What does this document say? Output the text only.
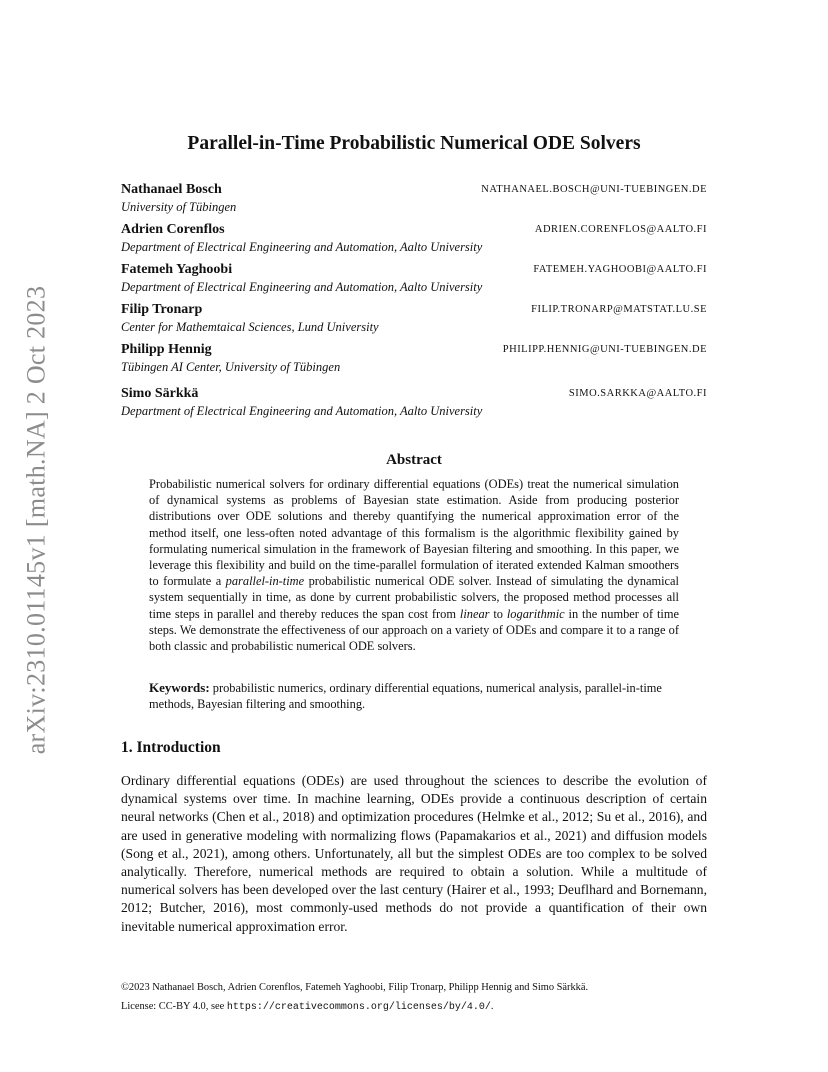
arXiv:2310.01145v1 [math.NA] 2 Oct 2023
Parallel-in-Time Probabilistic Numerical ODE Solvers
Nathanael Bosch	NATHANAEL.BOSCH@UNI-TUEBINGEN.DE
University of Tübingen
Adrien Corenflos	ADRIEN.CORENFLOS@AALTO.FI
Department of Electrical Engineering and Automation, Aalto University
Fatemeh Yaghoobi	FATEMEH.YAGHOOBI@AALTO.FI
Department of Electrical Engineering and Automation, Aalto University
Filip Tronarp	FILIP.TRONARP@MATSTAT.LU.SE
Center for Mathemtaical Sciences, Lund University
Philipp Hennig	PHILIPP.HENNIG@UNI-TUEBINGEN.DE
Tübingen AI Center, University of Tübingen
Simo Särkkä	SIMO.SARKKA@AALTO.FI
Department of Electrical Engineering and Automation, Aalto University
Abstract
Probabilistic numerical solvers for ordinary differential equations (ODEs) treat the numerical simulation of dynamical systems as problems of Bayesian state estimation. Aside from producing posterior distributions over ODE solutions and thereby quantifying the numerical approximation error of the method itself, one less-often noted advantage of this formalism is the algorithmic flexibility gained by formulating numerical simulation in the framework of Bayesian filtering and smoothing. In this paper, we leverage this flexibility and build on the time-parallel formulation of iterated extended Kalman smoothers to formulate a parallel-in-time probabilistic numerical ODE solver. Instead of simulating the dynamical system sequentially in time, as done by current probabilistic solvers, the proposed method processes all time steps in parallel and thereby reduces the span cost from linear to logarithmic in the number of time steps. We demonstrate the effectiveness of our approach on a variety of ODEs and compare it to a range of both classic and probabilistic numerical ODE solvers.
Keywords: probabilistic numerics, ordinary differential equations, numerical analysis, parallel-in-time methods, Bayesian filtering and smoothing.
1. Introduction
Ordinary differential equations (ODEs) are used throughout the sciences to describe the evolution of dynamical systems over time. In machine learning, ODEs provide a continuous description of certain neural networks (Chen et al., 2018) and optimization procedures (Helmke et al., 2012; Su et al., 2016), and are used in generative modeling with normalizing flows (Papamakarios et al., 2021) and diffusion models (Song et al., 2021), among others. Unfortunately, all but the simplest ODEs are too complex to be solved analytically. Therefore, numerical methods are required to obtain a solution. While a multitude of numerical solvers has been developed over the last century (Hairer et al., 1993; Deuflhard and Bornemann, 2012; Butcher, 2016), most commonly-used methods do not provide a quantification of their own inevitable numerical approximation error.
©2023 Nathanael Bosch, Adrien Corenflos, Fatemeh Yaghoobi, Filip Tronarp, Philipp Hennig and Simo Särkkä.
License: CC-BY 4.0, see https://creativecommons.org/licenses/by/4.0/.
